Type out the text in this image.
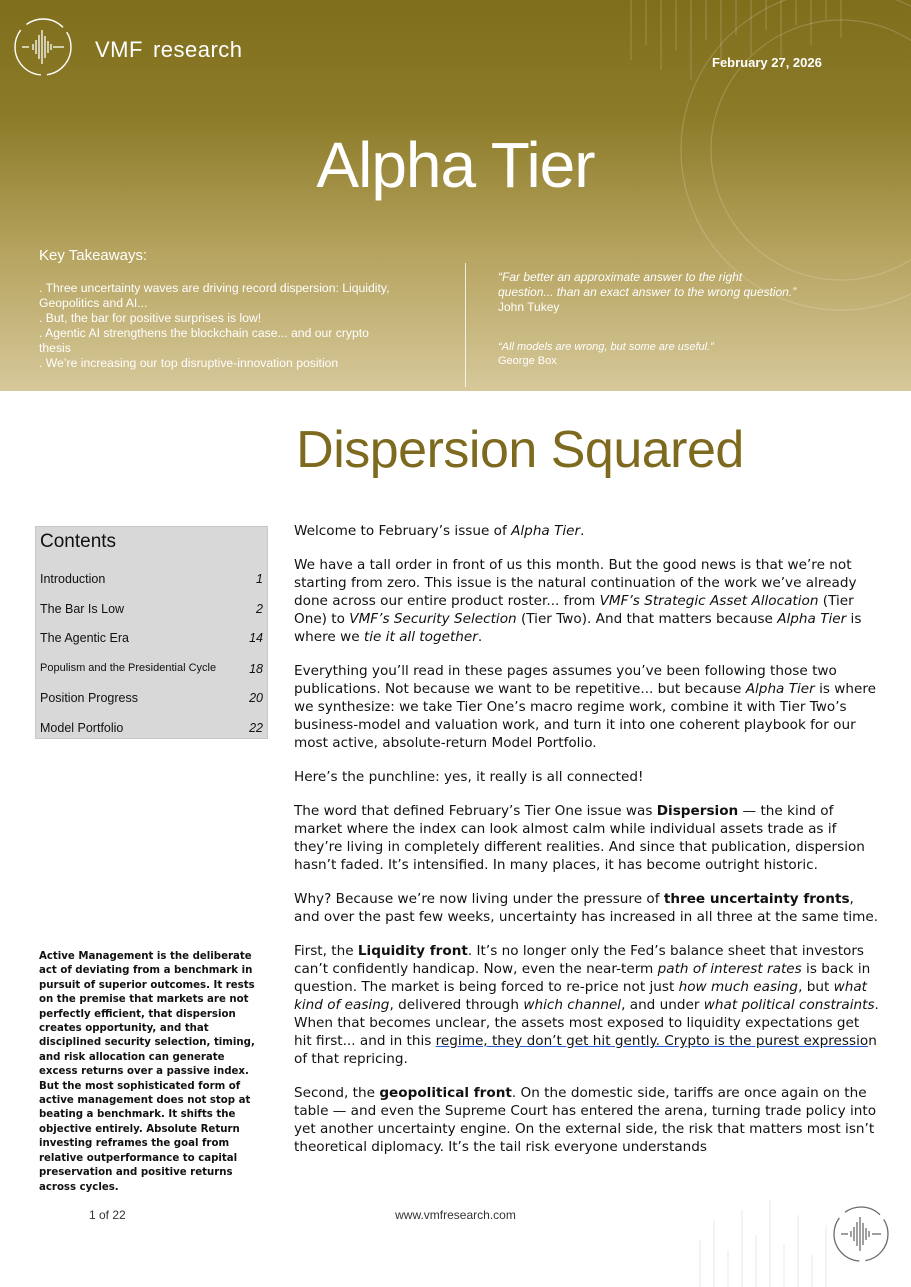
VMF research
February 27, 2026
Alpha Tier
Key Takeaways:
. Three uncertainty waves are driving record dispersion: Liquidity, Geopolitics and AI...
. But, the bar for positive surprises is low!
. Agentic AI strengthens the blockchain case... and our crypto thesis
. We’re increasing our top disruptive-innovation position
“Far better an approximate answer to the right question... than an exact answer to the wrong question.”
John Tukey
“All models are wrong, but some are useful.”
George Box
Dispersion Squared
Contents
Introduction	1
The Bar Is Low	2
The Agentic Era	14
Populism and the Presidential Cycle	18
Position Progress	20
Model Portfolio	22
Active Management is the deliberate act of deviating from a benchmark in pursuit of superior outcomes. It rests on the premise that markets are not perfectly efficient, that dispersion creates opportunity, and that disciplined security selection, timing, and risk allocation can generate excess returns over a passive index. But the most sophisticated form of active management does not stop at beating a benchmark. It shifts the objective entirely. Absolute Return investing reframes the goal from relative outperformance to capital preservation and positive returns across cycles.

Welcome to February’s issue of Alpha Tier.

We have a tall order in front of us this month. But the good news is that we’re not starting from zero. This issue is the natural continuation of the work we’ve already done across our entire product roster... from VMF’s Strategic Asset Allocation (Tier One) to VMF’s Security Selection (Tier Two). And that matters because Alpha Tier is where we tie it all together.

Everything you’ll read in these pages assumes you’ve been following those two publications. Not because we want to be repetitive... but because Alpha Tier is where we synthesize: we take Tier One’s macro regime work, combine it with Tier Two’s business-model and valuation work, and turn it into one coherent playbook for our most active, absolute-return Model Portfolio.

Here’s the punchline: yes, it really is all connected!

The word that defined February’s Tier One issue was Dispersion — the kind of market where the index can look almost calm while individual assets trade as if they’re living in completely different realities. And since that publication, dispersion hasn’t faded. It’s intensified. In many places, it has become outright historic.

Why? Because we’re now living under the pressure of three uncertainty fronts, and over the past few weeks, uncertainty has increased in all three at the same time.

First, the Liquidity front. It’s no longer only the Fed’s balance sheet that investors can’t confidently handicap. Now, even the near-term path of interest rates is back in question. The market is being forced to re-price not just how much easing, but what kind of easing, delivered through which channel, and under what political constraints. When that becomes unclear, the assets most exposed to liquidity expectations get hit first... and in this regime, they don’t get hit gently. Crypto is the purest expression of that repricing.

Second, the geopolitical front. On the domestic side, tariffs are once again on the table — and even the Supreme Court has entered the arena, turning trade policy into yet another uncertainty engine. On the external side, the risk that matters most isn’t theoretical diplomacy. It’s the tail risk everyone understands

1 of 22	www.vmfresearch.com
